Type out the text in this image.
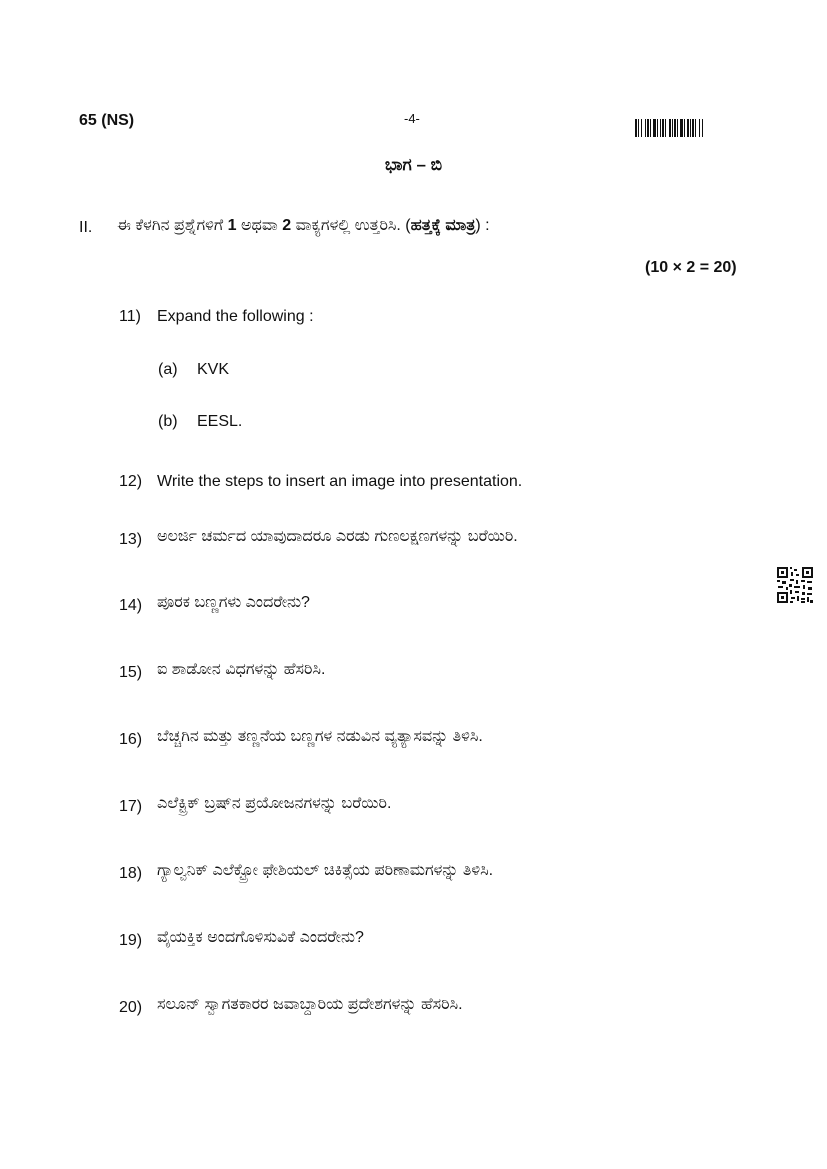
65 (NS)	-4-
ಭಾಗ – ಬಿ
II. ಈ ಕೆಳಗಿನ ಪ್ರಶ್ನೆಗಳಿಗೆ 1 ಅಥವಾ 2 ವಾಕ್ಯಗಳಲ್ಲಿ ಉತ್ತರಿಸಿ. (ಹತ್ತಕ್ಕೆ ಮಾತ್ರ) :
(10 × 2 = 20)
11) Expand the following :
(a) KVK
(b) EESL.
12) Write the steps to insert an image into presentation.
13) ಅಲರ್ಜಿ ಚರ್ಮದ ಯಾವುದಾದರೂ ಎರಡು ಗುಣಲಕ್ಷಣಗಳನ್ನು ಬರೆಯಿರಿ.
14) ಪೂರಕ ಬಣ್ಣಗಳು ಎಂದರೇನು?
15) ಐ ಶಾಡೋನ ವಿಧಗಳನ್ನು ಹೆಸರಿಸಿ.
16) ಬೆಚ್ಚಗಿನ ಮತ್ತು ತಣ್ಣನೆಯ ಬಣ್ಣಗಳ ನಡುವಿನ ವ್ಯತ್ಯಾಸವನ್ನು ತಿಳಿಸಿ.
17) ಎಲೆಕ್ಟ್ರಿಕ್ ಬ್ರಷ್‌ನ ಪ್ರಯೋಜನಗಳನ್ನು ಬರೆಯಿರಿ.
18) ಗ್ಯಾಲ್ವನಿಕ್ ಎಲೆಕ್ಟ್ರೋ ಫೇಶಿಯಲ್ ಚಿಕಿತ್ಸೆಯ ಪರಿಣಾಮಗಳನ್ನು ತಿಳಿಸಿ.
19) ವೈಯಕ್ತಿಕ ಅಂದಗೊಳಿಸುವಿಕೆ ಎಂದರೇನು?
20) ಸಲೂನ್ ಸ್ವಾಗತಕಾರರ ಜವಾಬ್ದಾರಿಯ ಪ್ರದೇಶಗಳನ್ನು ಹೆಸರಿಸಿ.
